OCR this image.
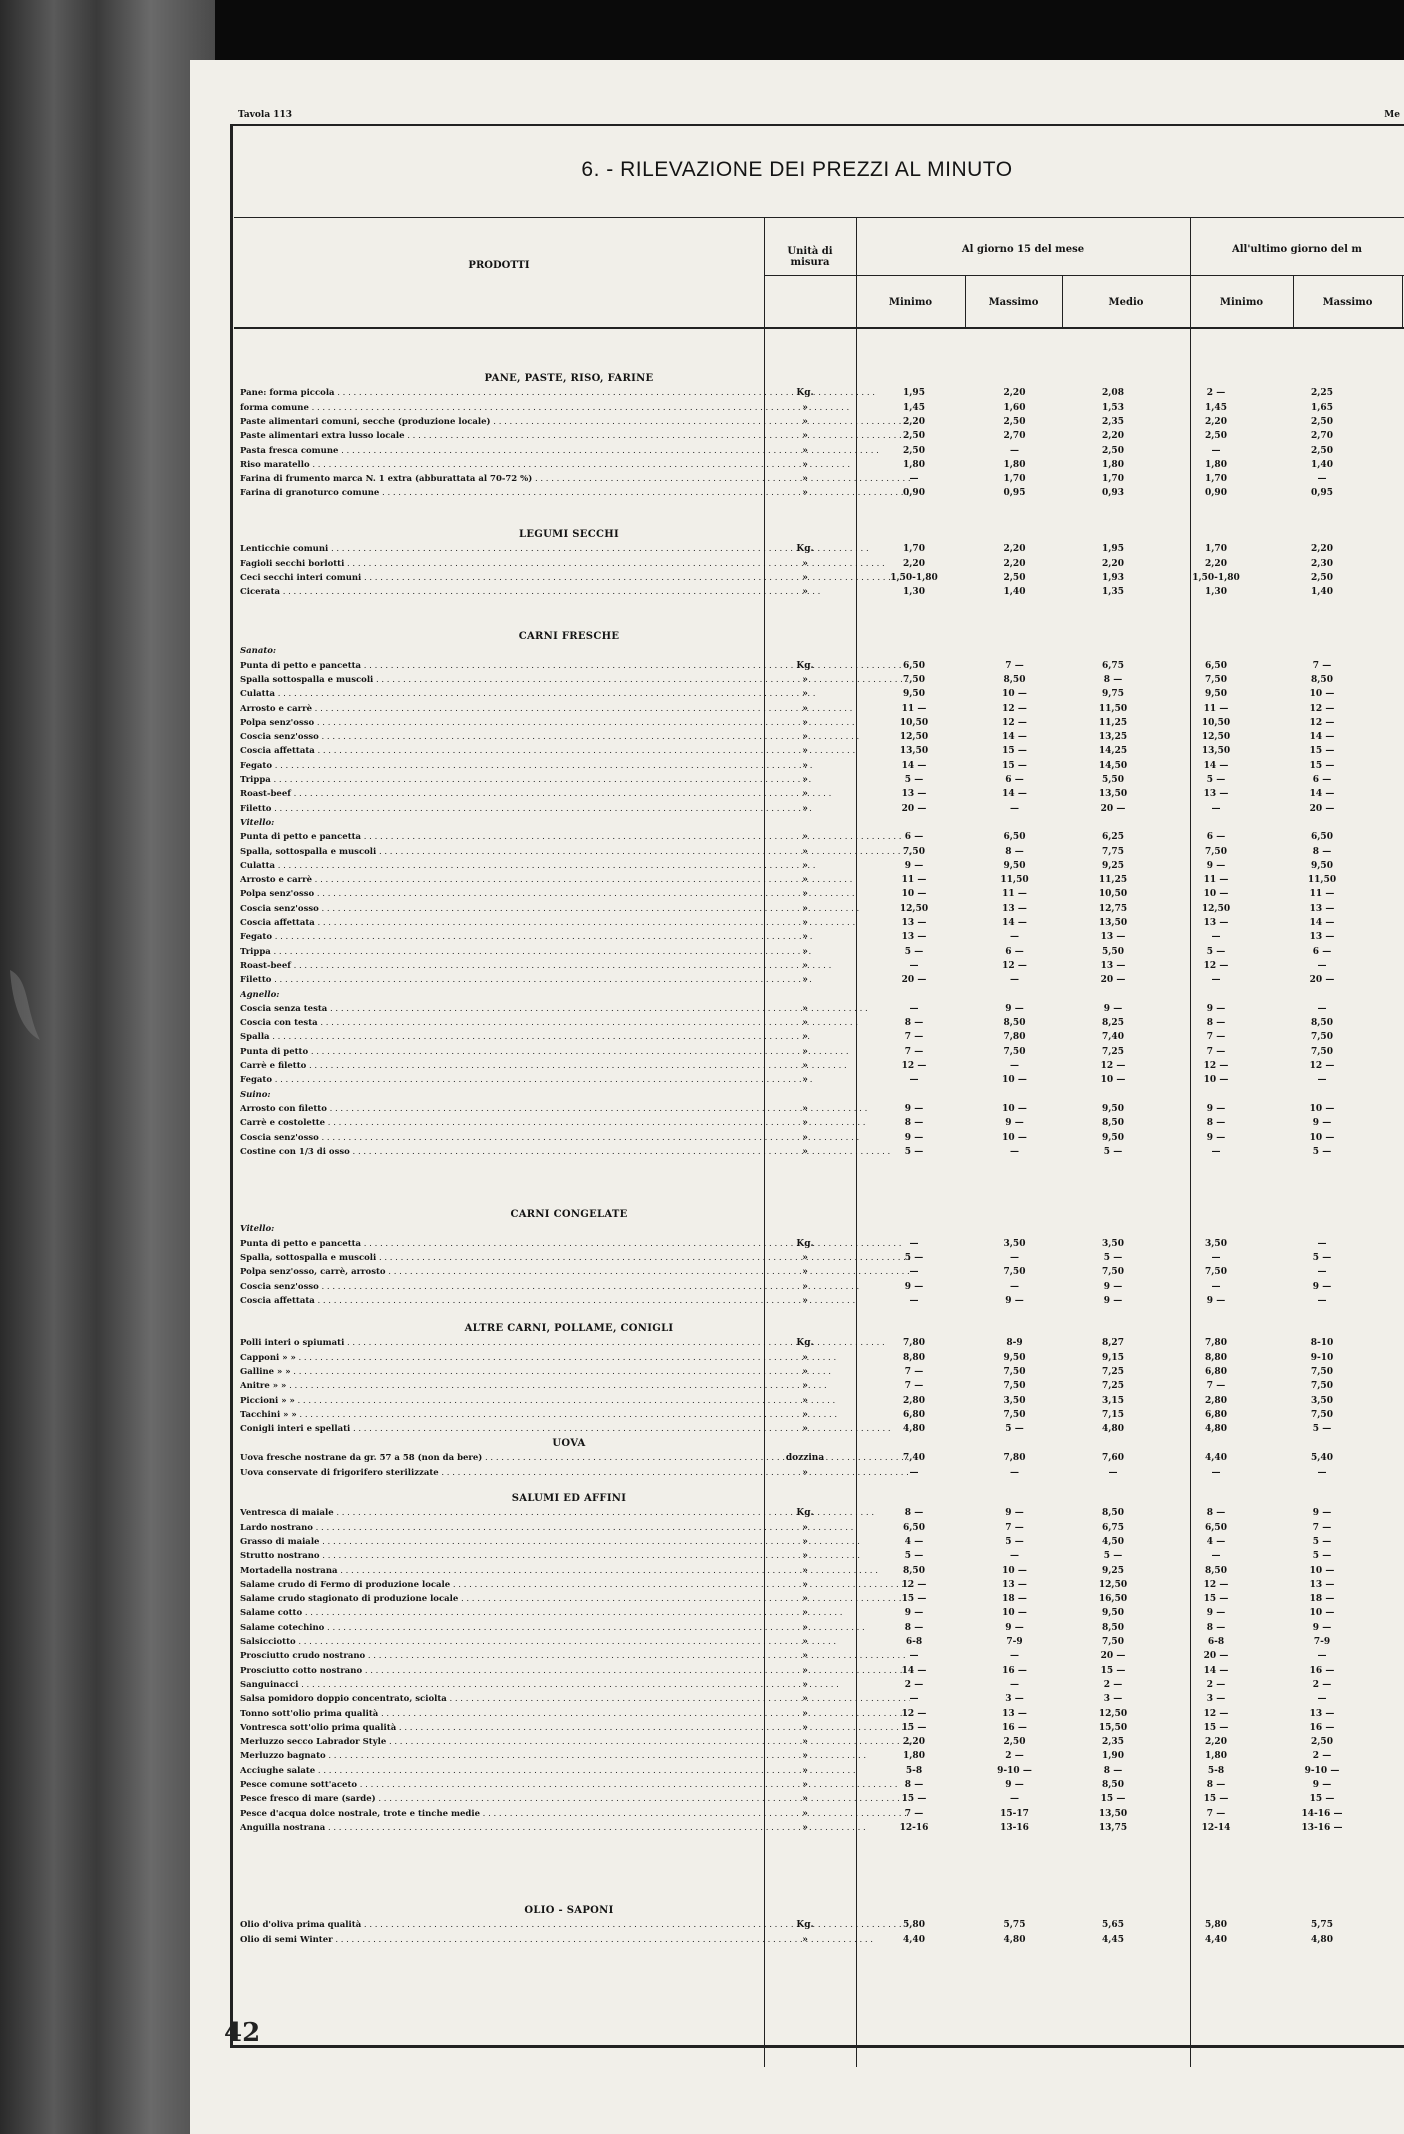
Tavola 113	Me
6. - RILEVAZIONE DEI PREZZI AL MINUTO
PRODOTTI
Unità di misura
Al giorno 15 del mese	All'ultimo giorno del m
Minimo	Massimo	Medio	Minimo	Massimo
PANE, PASTE, RISO, FARINE
Pane: forma piccola . . .	Kg.	1,95	2,20	2,08	2 —	2,25
forma comune . . .	»	1,45	1,60	1,53	1,45	1,65
Paste alimentari comuni, secche (produzione locale) . . .	»	2,20	2,50	2,35	2,20	2,50
Paste alimentari extra lusso locale . . .	»	2,50	2,70	2,20	2,50	2,70
Pasta fresca comune . . .	»	2,50	—	2,50	—	2,50
Riso maratello . . .	»	1,80	1,80	1,80	1,80	1,40
Farina di frumento marca N. 1 extra (abburattata al 70-72 %) . . .	»	—	1,70	1,70	1,70	—
Farina di granoturco comune . . .	»	0,90	0,95	0,93	0,90	0,95
LEGUMI SECCHI
Lenticchie comuni . . .	Kg.	1,70	2,20	1,95	1,70	2,20
Fagioli secchi borlotti . . .	»	2,20	2,20	2,20	2,20	2,30
Ceci secchi interi comuni . . .	»	1,50-1,80	2,50	1,93	1,50-1,80	2,50
Cicerata . . .	»	1,30	1,40	1,35	1,30	1,40
CARNI FRESCHE
Sanato:
Punta di petto e pancetta . . .	Kg.	6,50	7 —	6,75	6,50	7 —
Spalla sottospalla e muscoli . . .	»	7,50	8,50	8 —	7,50	8,50
Culatta . . .	»	9,50	10 —	9,75	9,50	10 —
Arrosto e carrè . . .	»	11 —	12 —	11,50	11 —	12 —
Polpa senz'osso . . .	»	10,50	12 —	11,25	10,50	12 —
Coscia senz'osso . . .	»	12,50	14 —	13,25	12,50	14 —
Coscia affettata . . .	»	13,50	15 —	14,25	13,50	15 —
Fegato . . .	»	14 —	15 —	14,50	14 —	15 —
Trippa . . .	»	5 —	6 —	5,50	5 —	6 —
Roast-beef . . .	»	13 —	14 —	13,50	13 —	14 —
Filetto . . .	»	20 —	—	20 —	—	20 —
Vitello:
Punta di petto e pancetta . . .	»	6 —	6,50	6,25	6 —	6,50
Spalla, sottospalla e muscoli . . .	»	7,50	8 —	7,75	7,50	8 —
Culatta . . .	»	9 —	9,50	9,25	9 —	9,50
Arrosto e carrè . . .	»	11 —	11,50	11,25	11 —	11,50
Polpa senz'osso . . .	»	10 —	11 —	10,50	10 —	11 —
Coscia senz'osso . . .	»	12,50	13 —	12,75	12,50	13 —
Coscia affettata . . .	»	13 —	14 —	13,50	13 —	14 —
Fegato . . .	»	13 —	—	13 —	—	13 —
Trippa . . .	»	5 —	6 —	5,50	5 —	6 —
Roast-beef . . .	»	—	12 —	13 —	12 —	—
Filetto . . .	»	20 —	—	20 —	—	20 —
Agnello:
Coscia senza testa . . .	»	—	9 —	9 —	9 —	—
Coscia con testa . . .	»	8 —	8,50	8,25	8 —	8,50
Spalla . . .	»	7 —	7,80	7,40	7 —	7,50
Punta di petto . . .	»	7 —	7,50	7,25	7 —	7,50
Carrè e filetto . . .	»	12 —	—	12 —	12 —	12 —
Fegato . . .	»	—	10 —	10 —	10 —	—
Suino:
Arrosto con filetto . . .	»	9 —	10 —	9,50	9 —	10 —
Carrè e costolette . . .	»	8 —	9 —	8,50	8 —	9 —
Coscia senz'osso . . .	»	9 —	10 —	9,50	9 —	10 —
Costine con 1/3 di osso . . .	»	5 —	—	5 —	—	5 —
CARNI CONGELATE
Vitello:
Punta di petto e pancetta . . .	Kg.	—	3,50	3,50	3,50	—
Spalla, sottospalla e muscoli . . .	»	5 —	—	5 —	—	5 —
Polpa senz'osso, carrè, arrosto . . .	»	—	7,50	7,50	7,50	—
Coscia senz'osso . . .	»	9 —	—	9 —	—	9 —
Coscia affettata . . .	»	—	9 —	9 —	9 —	—
ALTRE CARNI, POLLAME, CONIGLI
Polli interi o spiumati . . .	Kg.	7,80	8-9	8,27	7,80	8-10
Capponi » » . . .	»	8,80	9,50	9,15	8,80	9-10
Galline » » . . .	»	7 —	7,50	7,25	6,80	7,50
Anitre » » . . .	»	7 —	7,50	7,25	7 —	7,50
Piccioni » » . . .	»	2,80	3,50	3,15	2,80	3,50
Tacchini » » . . .	»	6,80	7,50	7,15	6,80	7,50
Conigli interi e spellati . . .	»	4,80	5 —	4,80	4,80	5 —
UOVA
Uova fresche nostrane da gr. 57 a 58 (non da bere) . . .	dozzina	7,40	7,80	7,60	4,40	5,40
Uova conservate di frigorifero sterilizzate . . .	»	—	—	—	—	—
SALUMI ED AFFINI
Ventresca di maiale . . .	Kg.	8 —	9 —	8,50	8 —	9 —
Lardo nostrano . . .	»	6,50	7 —	6,75	6,50	7 —
Grasso di maiale . . .	»	4 —	5 —	4,50	4 —	5 —
Strutto nostrano . . .	»	5 —	—	5 —	—	5 —
Mortadella nostrana . . .	»	8,50	10 —	9,25	8,50	10 —
Salame crudo di Fermo di produzione locale . . .	»	12 —	13 —	12,50	12 —	13 —
Salame crudo stagionato di produzione locale . . .	»	15 —	18 —	16,50	15 —	18 —
Salame cotto . . .	»	9 —	10 —	9,50	9 —	10 —
Salame cotechino . . .	»	8 —	9 —	8,50	8 —	9 —
Salsicciotto . . .	»	6-8	7-9	7,50	6-8	7-9
Prosciutto crudo nostrano . . .	»	—	—	20 —	20 —	—
Prosciutto cotto nostrano . . .	»	14 —	16 —	15 —	14 —	16 —
Sanguinacci . . .	»	2 —	—	2 —	2 —	2 —
Salsa pomidoro doppio concentrato, sciolta . . .	»	—	3 —	3 —	3 —	—
Tonno sott'olio prima qualità . . .	»	12 —	13 —	12,50	12 —	13 —
Vontresca sott'olio prima qualità . . .	»	15 —	16 —	15,50	15 —	16 —
Merluzzo secco Labrador Style . . .	»	2,20	2,50	2,35	2,20	2,50
Merluzzo bagnato . . .	»	1,80	2 —	1,90	1,80	2 —
Acciughe salate . . .	»	5-8	9-10 —	8 —	5-8	9-10 —
Pesce comune sott'aceto . . .	»	8 —	9 —	8,50	8 —	9 —
Pesce fresco di mare (sarde) . . .	»	15 —	—	15 —	15 —	15 —
Pesce d'acqua dolce nostrale, trote e tinche medie . . .	»	7 —	15-17	13,50	7 —	14-16 —
Anguilla nostrana . . .	»	12-16	13-16	13,75	12-14	13-16 —
OLIO - SAPONI
Olio d'oliva prima qualità . . .	Kg.	5,80	5,75	5,65	5,80	5,75
Olio di semi Winter . . .	»	4,40	4,80	4,45	4,40	4,80
42
